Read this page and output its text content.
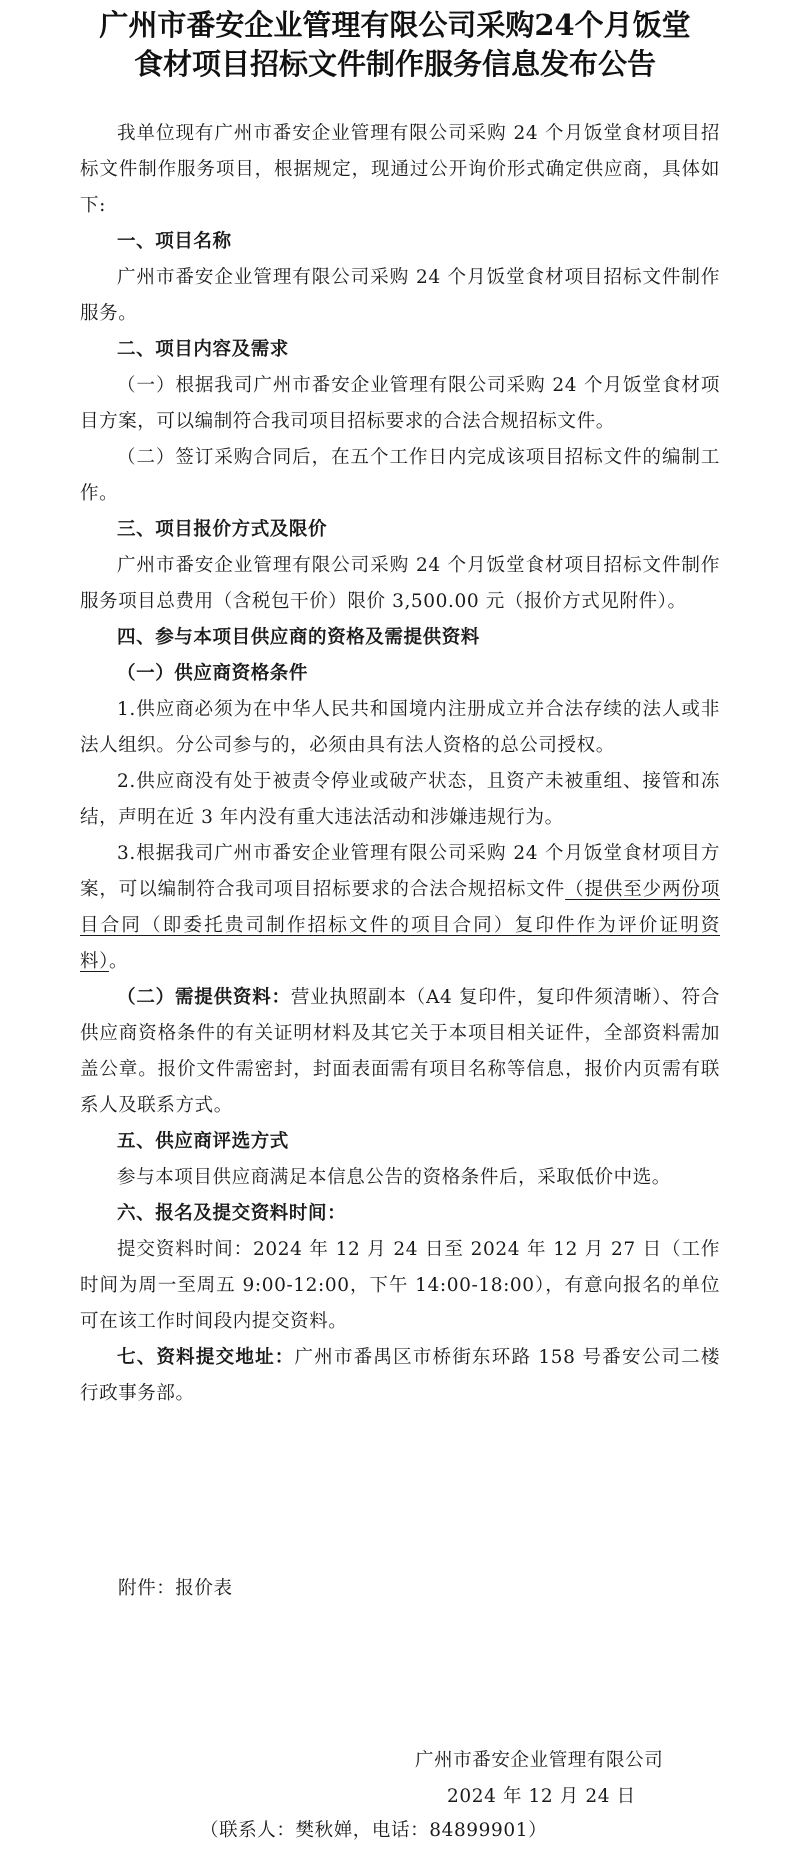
广州市番安企业管理有限公司采购24个月饭堂
食材项目招标文件制作服务信息发布公告

我单位现有广州市番安企业管理有限公司采购 24 个月饭堂食材项目招标文件制作服务项目，根据规定，现通过公开询价形式确定供应商，具体如下:

一、项目名称

广州市番安企业管理有限公司采购 24 个月饭堂食材项目招标文件制作服务。

二、项目内容及需求

（一）根据我司广州市番安企业管理有限公司采购 24 个月饭堂食材项目方案，可以编制符合我司项目招标要求的合法合规招标文件。

（二）签订采购合同后，在五个工作日内完成该项目招标文件的编制工作。

三、项目报价方式及限价

广州市番安企业管理有限公司采购 24 个月饭堂食材项目招标文件制作服务项目总费用（含税包干价）限价 3,500.00 元（报价方式见附件）。

四、参与本项目供应商的资格及需提供资料

（一）供应商资格条件

1.供应商必须为在中华人民共和国境内注册成立并合法存续的法人或非法人组织。分公司参与的，必须由具有法人资格的总公司授权。

2.供应商没有处于被责令停业或破产状态，且资产未被重组、接管和冻结，声明在近 3 年内没有重大违法活动和涉嫌违规行为。

3.根据我司广州市番安企业管理有限公司采购 24 个月饭堂食材项目方案，可以编制符合我司项目招标要求的合法合规招标文件（提供至少两份项目合同（即委托贵司制作招标文件的项目合同）复印件作为评价证明资料）。

（二）需提供资料：营业执照副本（A4 复印件，复印件须清晰）、符合供应商资格条件的有关证明材料及其它关于本项目相关证件，全部资料需加盖公章。报价文件需密封，封面表面需有项目名称等信息，报价内页需有联系人及联系方式。

五、供应商评选方式

参与本项目供应商满足本信息公告的资格条件后，采取低价中选。

六、报名及提交资料时间：

提交资料时间：2024 年 12 月 24 日至 2024 年 12 月 27 日（工作时间为周一至周五 9:00-12:00，下午 14:00-18:00），有意向报名的单位可在该工作时间段内提交资料。

七、资料提交地址：广州市番禺区市桥街东环路 158 号番安公司二楼行政事务部。

附件：报价表
广州市番安企业管理有限公司
2024 年 12 月 24 日
（联系人：樊秋婵，电话：84899901）
